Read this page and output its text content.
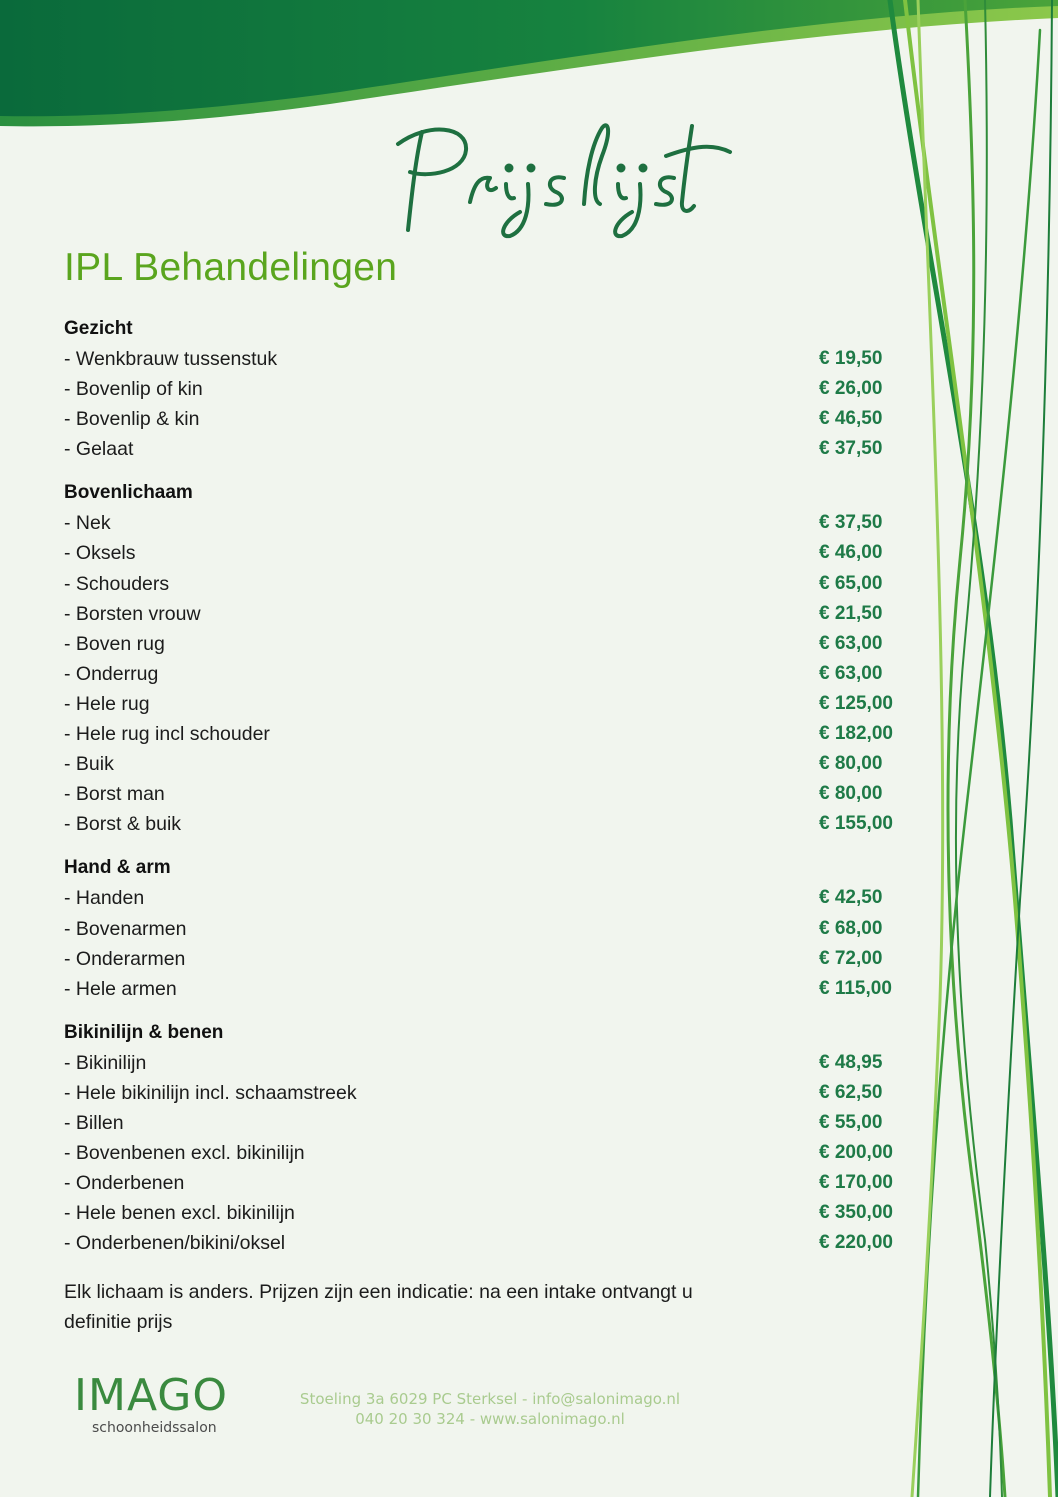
IPL Behandelingen
Gezicht
- Wenkbrauw tussenstuk	€ 19,50
- Bovenlip of kin	€ 26,00
- Bovenlip & kin	€ 46,50
- Gelaat	€ 37,50
Bovenlichaam
- Nek	€ 37,50
- Oksels	€ 46,00
- Schouders	€ 65,00
- Borsten vrouw	€ 21,50
- Boven rug	€ 63,00
- Onderrug	€ 63,00
- Hele rug	€ 125,00
- Hele rug incl schouder	€ 182,00
- Buik	€ 80,00
- Borst man	€ 80,00
- Borst & buik	€ 155,00
Hand & arm
- Handen	€ 42,50
- Bovenarmen	€ 68,00
- Onderarmen	€ 72,00
- Hele armen	€ 115,00
Bikinilijn & benen
- Bikinilijn	€ 48,95
- Hele bikinilijn incl. schaamstreek	€ 62,50
- Billen	€ 55,00
- Bovenbenen excl. bikinilijn	€ 200,00
- Onderbenen	€ 170,00
- Hele benen excl. bikinilijn	€ 350,00
- Onderbenen/bikini/oksel	€ 220,00
Elk lichaam is anders. Prijzen zijn een indicatie: na een intake ontvangt u definitie prijs
IMAGO
schoonheidssalon
Stoeling 3a 6029 PC Sterksel - info@salonimago.nl
040 20 30 324 - www.salonimago.nl
